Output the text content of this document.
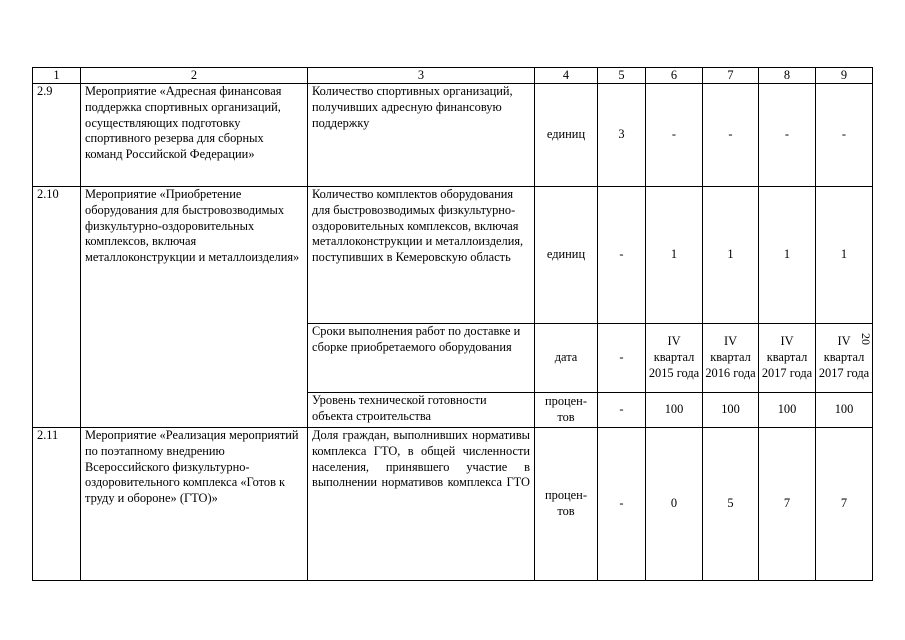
1	2	3	4	5	6	7	8	9
2.9	Мероприятие «Адресная финансовая поддержка спортивных организаций, осуществляющих подготовку спортивного резерва для сборных команд Российской Федерации»	Количество спортивных организаций, получивших адресную финансовую поддержку	единиц	3	-	-	-	-
2.10	Мероприятие «Приобретение оборудования для быстровозводимых физкультурно-оздоровительных комплексов, включая металлоконструкции и металлоизделия»	Количество комплектов оборудования для быстровозводимых физкультурно-оздоровительных комплексов, включая металлоконструкции и металлоизделия, поступивших в Кемеровскую область	единиц	-	1	1	1	1
		Сроки выполнения работ по доставке и сборке приобретаемого оборудования	дата	-	IV квартал 2015 года	IV квартал 2016 года	IV квартал 2017 года	IV квартал 2017 года
		Уровень технической готовности объекта строительства	процен-тов	-	100	100	100	100
2.11	Мероприятие «Реализация мероприятий по поэтапному внедрению Всероссийского физкультурно-оздоровительного комплекса «Готов к труду и обороне» (ГТО)»	Доля граждан, выполнивших нормативы комплекса ГТО, в общей численности населения, принявшего участие в выполнении нормативов комплекса ГТО	процен-тов	-	0	5	7	7
20
